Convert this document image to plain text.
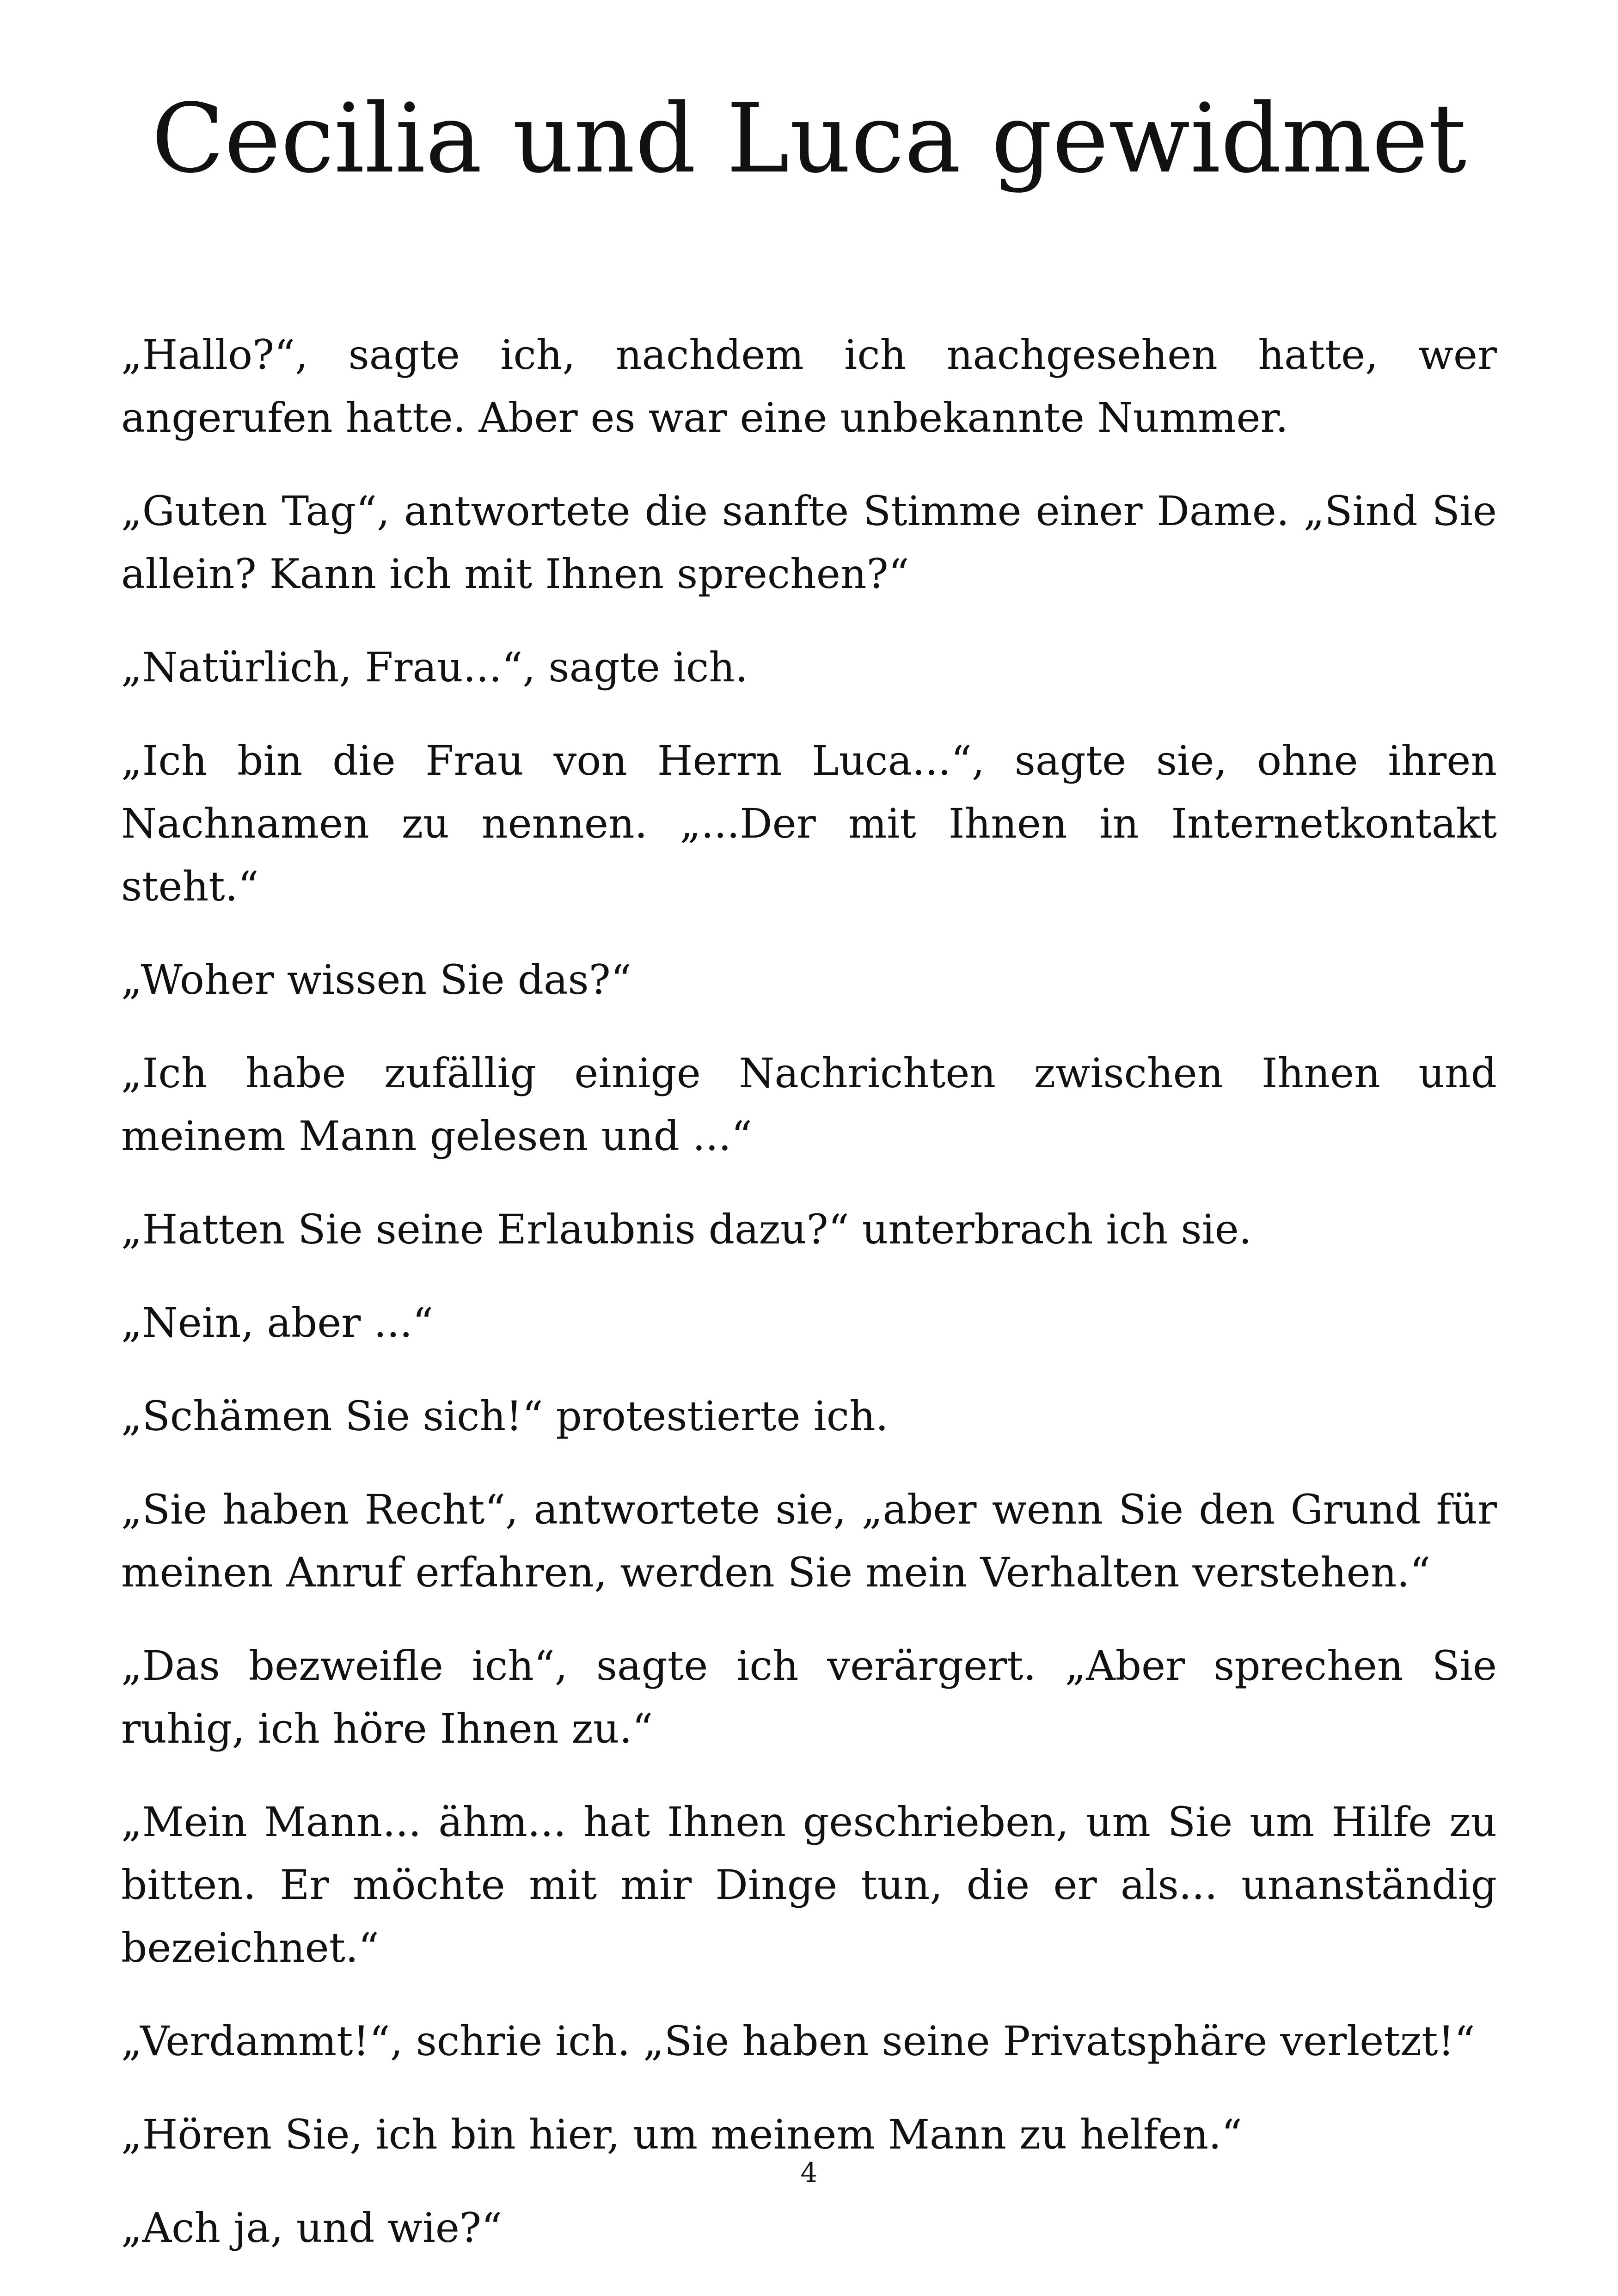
Cecilia und Luca gewidmet

„Hallo?“, sagte ich, nachdem ich nachgesehen hatte, wer angerufen hatte. Aber es war eine unbekannte Nummer.

„Guten Tag“, antwortete die sanfte Stimme einer Dame. „Sind Sie allein? Kann ich mit Ihnen sprechen?“

„Natürlich, Frau...“, sagte ich.

„Ich bin die Frau von Herrn Luca...“, sagte sie, ohne ihren Nachnamen zu nennen. „...Der mit Ihnen in Internetkontakt steht.“

„Woher wissen Sie das?“

„Ich habe zufällig einige Nachrichten zwischen Ihnen und meinem Mann gelesen und ...“

„Hatten Sie seine Erlaubnis dazu?“ unterbrach ich sie.

„Nein, aber ...“

„Schämen Sie sich!“ protestierte ich.

„Sie haben Recht“, antwortete sie, „aber wenn Sie den Grund für meinen Anruf erfahren, werden Sie mein Verhalten verstehen.“

„Das bezweifle ich“, sagte ich verärgert. „Aber sprechen Sie ruhig, ich höre Ihnen zu.“

„Mein Mann... ähm... hat Ihnen geschrieben, um Sie um Hilfe zu bitten. Er möchte mit mir Dinge tun, die er als... unanständig bezeichnet.“

„Verdammt!“, schrie ich. „Sie haben seine Privatsphäre verletzt!“

„Hören Sie, ich bin hier, um meinem Mann zu helfen.“

„Ach ja, und wie?“

4
